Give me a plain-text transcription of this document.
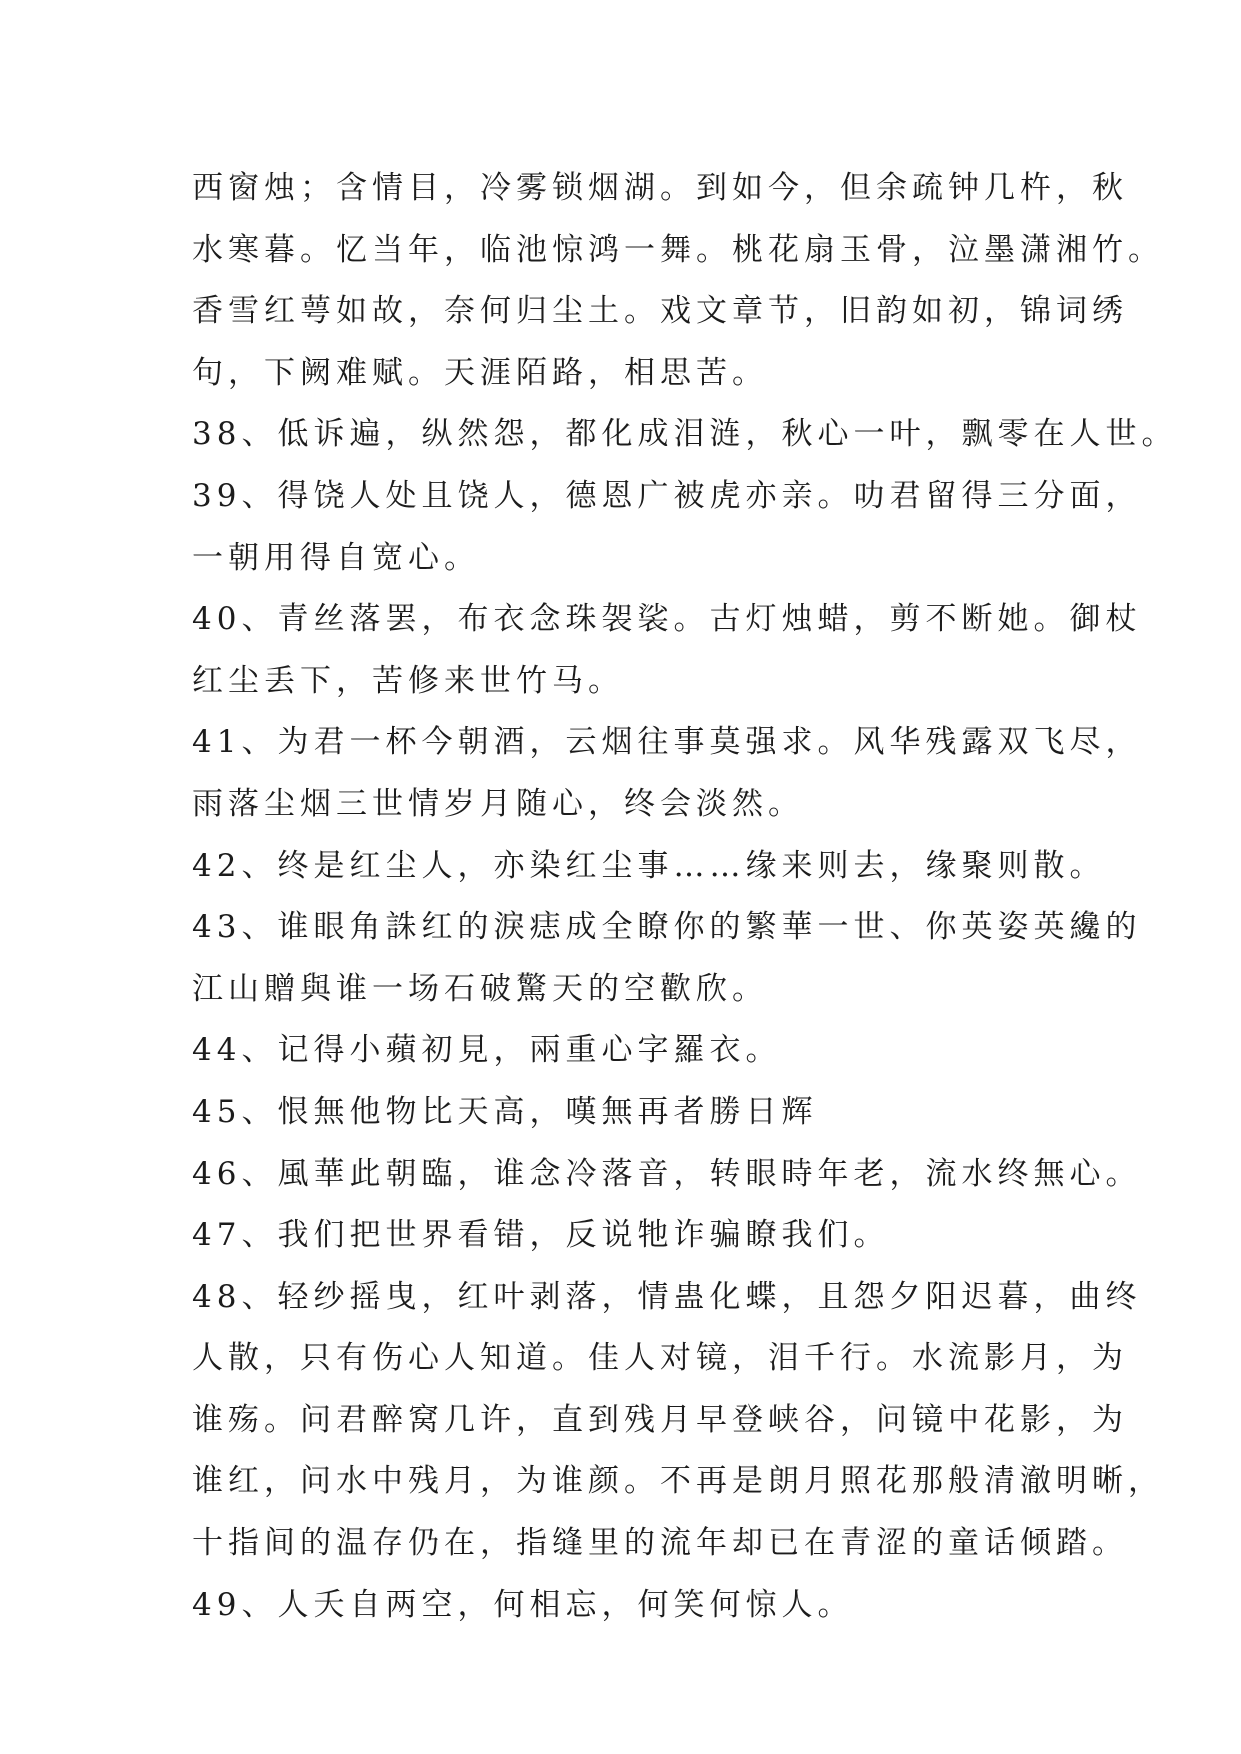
西窗烛；含情目，冷雾锁烟湖。到如今，但余疏钟几杵，秋
水寒暮。忆当年，临池惊鸿一舞。桃花扇玉骨，泣墨潇湘竹。
香雪红萼如故，奈何归尘土。戏文章节，旧韵如初，锦词绣
句，下阙难赋。天涯陌路，相思苦。
38、低诉遍，纵然怨，都化成泪涟，秋心一叶，飘零在人世。
39、得饶人处且饶人，德恩广被虎亦亲。叻君留得三分面，
一朝用得自宽心。
40、青丝落罢，布衣念珠袈裟。古灯烛蜡，剪不断她。御杖
红尘丢下，苦修来世竹马。
41、为君一杯今朝酒，云烟往事莫强求。风华残露双飞尽，
雨落尘烟三世情岁月随心，终会淡然。
42、终是红尘人，亦染红尘事……缘来则去，缘聚则散。
43、谁眼角誅红的淚痣成全瞭你的繁華一世、你英姿英纔的
江山贈與谁一场石破驚天的空歡欣。
44、记得小蘋初見，兩重心字羅衣。
45、恨無他物比天高，嘆無再者勝日辉
46、風華此朝臨，谁念冷落音，转眼時年老，流水终無心。
47、我们把世界看错，反说牠诈骗瞭我们。
48、轻纱摇曳，红叶剥落，情蛊化蝶，且怨夕阳迟暮，曲终
人散，只有伤心人知道。佳人对镜，泪千行。水流影月，为
谁殇。问君醉窝几许，直到残月早登峡谷，问镜中花影，为
谁红，问水中残月，为谁颜。不再是朗月照花那般清澈明晰，
十指间的温存仍在，指缝里的流年却已在青涩的童话倾踏。
49、人夭自两空，何相忘，何笑何惊人。
